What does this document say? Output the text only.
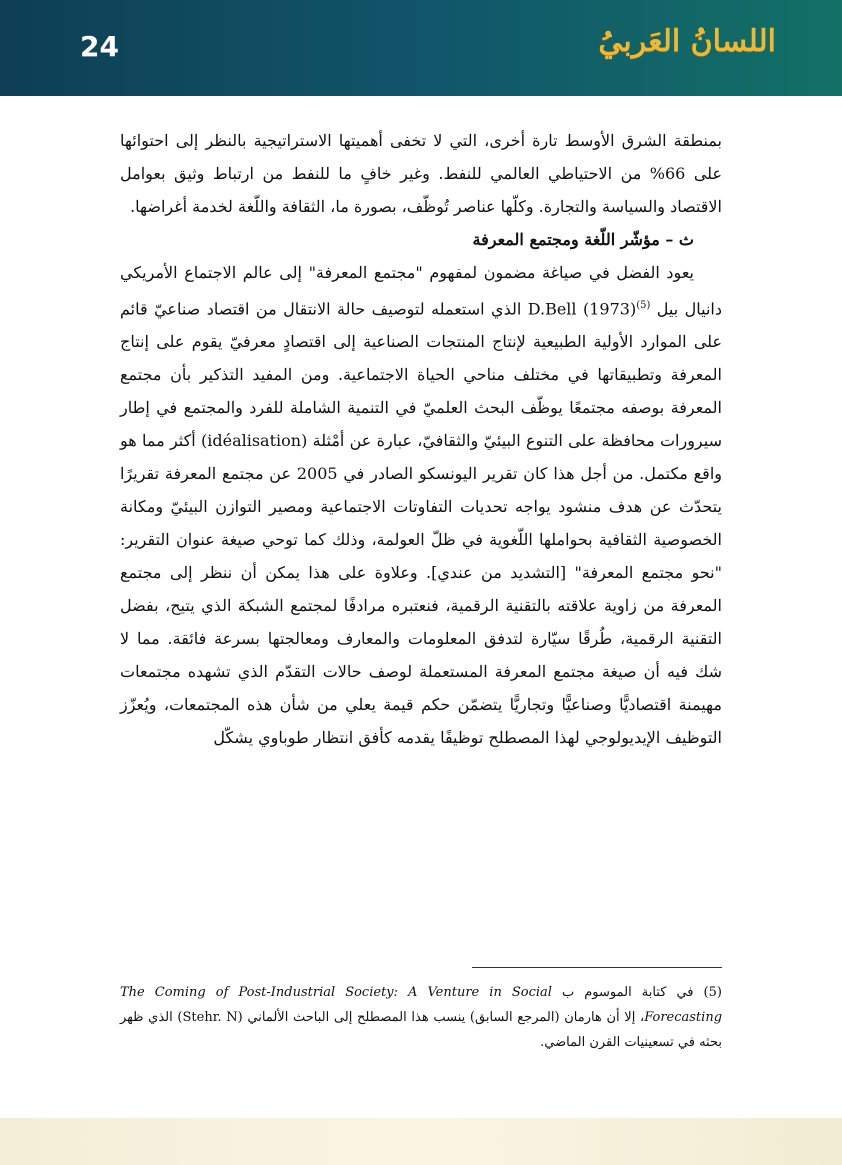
24	اللسانُ العَربيُ

بمنطقة الشرق الأوسط تارة أخرى، التي لا تخفى أهميتها الاستراتيجية بالنظر إلى احتوائها على 66% من الاحتياطي العالمي للنفط. وغير خافٍ ما للنفط من ارتباط وثيق بعوامل الاقتصاد والسياسة والتجارة. وكلّها عناصر تُوظّف، بصورة ما، الثقافة واللّغة لخدمة أغراضها.

ث – مؤشّر اللّغة ومجتمع المعرفة

يعود الفضل في صياغة مضمون لمفهوم "مجتمع المعرفة" إلى عالم الاجتماع الأمريكي دانيال بيل D.Bell $(1973)^{(5)}$ الذي استعمله لتوصيف حالة الانتقال من اقتصاد صناعيّ قائم على الموارد الأولية الطبيعية لإنتاج المنتجات الصناعية إلى اقتصادٍ معرفيّ يقوم على إنتاج المعرفة وتطبيقاتها في مختلف مناحي الحياة الاجتماعية. ومن المفيد التذكير بأن مجتمع المعرفة بوصفه مجتمعًا يوظّف البحث العلميّ في التنمية الشاملة للفرد والمجتمع في إطار سيرورات محافظة على التنوع البيئيّ والثقافيّ، عبارة عن أمْثلة (idéalisation) أكثر مما هو واقع مكتمل. من أجل هذا كان تقرير اليونسكو الصادر في 2005 عن مجتمع المعرفة تقريرًا يتحدّث عن هدف منشود يواجه تحديات التفاوتات الاجتماعية ومصير التوازن البيئيّ ومكانة الخصوصية الثقافية بحواملها اللّغوية في ظلّ العولمة، وذلك كما توحي صيغة عنوان التقرير: "نحو مجتمع المعرفة" [التشديد من عندي]. وعلاوة على هذا يمكن أن ننظر إلى مجتمع المعرفة من زاوية علاقته بالتقنية الرقمية، فنعتبره مرادفًا لمجتمع الشبكة الذي يتيح، بفضل التقنية الرقمية، طُرقًا سيّارة لتدفق المعلومات والمعارف ومعالجتها بسرعة فائقة. مما لا شك فيه أن صيغة مجتمع المعرفة المستعملة لوصف حالات التقدّم الذي تشهده مجتمعات مهيمنة اقتصاديًّا وصناعيًّا وتجاريًّا يتضمّن حكم قيمة يعلي من شأن هذه المجتمعات، ويُعزّز التوظيف الإيديولوجي لهذا المصطلح توظيفًا يقدمه كأفق انتظار طوباوي يشكّل

(5) في كتابة الموسوم ب The Coming of Post-Industrial Society: A Venture in Social Forecasting، إلا أن هارمان (المرجع السابق) ينسب هذا المصطلح إلى الباحث الألماني (Stehr. N) الذي ظهر بحثه في تسعينيات القرن الماضي.
